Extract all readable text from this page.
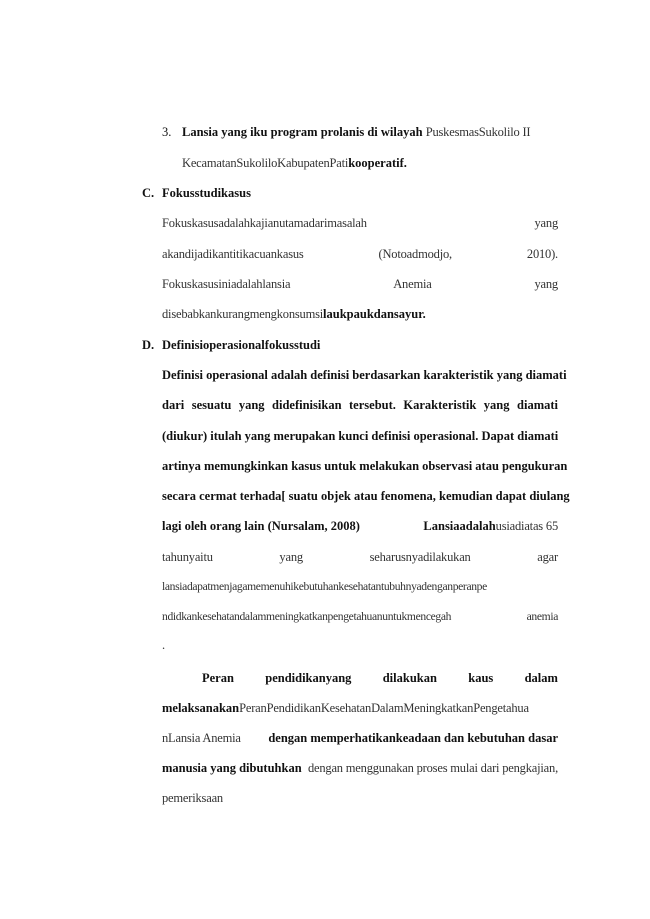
3. Lansia yang iku program prolanis di wilayah PuskesmasSukolilo II
KecamatanSukoliloKabupatenPatikooperatif.
C. Fokusstudikasus
Fokuskasusadalahkajianutamadarimasalah	yang
akandijadikantitikacuankasus	(Notoadmodjo,	2010).
Fokuskasusiniadalahlansia	Anemia	yang
disebabkankurangmengkonsumsilaukpaukdansayur.
D. Definisioperasionalfokusstudi
Definisi operasional adalah definisi berdasarkan karakteristik yang diamati
dari sesuatu yang didefinisikan tersebut. Karakteristik yang diamati
(diukur) itulah yang merupakan kunci definisi operasional. Dapat diamati
artinya memungkinkan kasus untuk melakukan observasi atau pengukuran
secara cermat terhada[ suatu objek atau fenomena, kemudian dapat diulang
lagi oleh orang lain (Nursalam, 2008)	Lansiaadalahusiadiatas 65
tahunyaitu	yang	seharusnyadilakukan	agar
lansiadapatmenjagamemenuhikebutuhankesehatantubuhnyadenganperanpe
ndidkankesehatandalammeningkatkanpengetahuanuntukmencegah	anemia
.
Peran	pendidikanyang	dilakukan	kaus	dalam
melaksanakanPeranPendidikanKesehatanDalamMeningkatkanPengetahua
nLansia Anemia dengan memperhatikankeadaan dan kebutuhan dasar
manusia yang dibutuhkan dengan menggunakan proses mulai dari pengkajian,
pemeriksaan
